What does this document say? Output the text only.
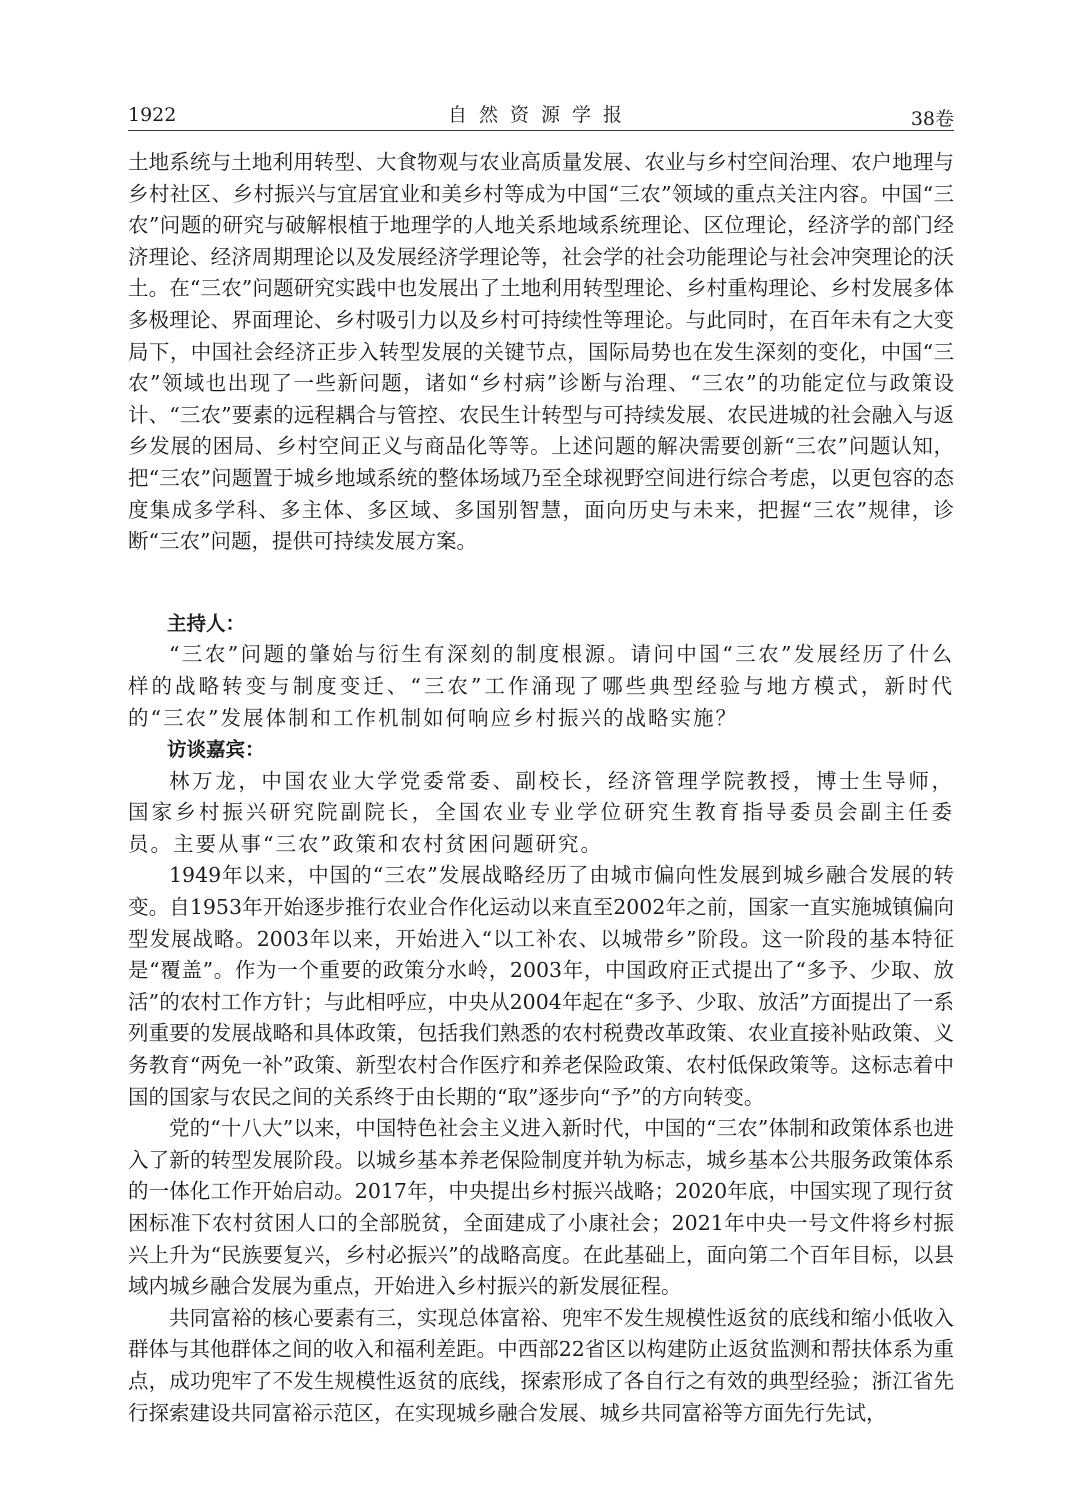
1922	自然资源学报	38卷

土地系统与土地利用转型、大食物观与农业高质量发展、农业与乡村空间治理、农户地理与乡村社区、乡村振兴与宜居宜业和美乡村等成为中国“三农”领域的重点关注内容。中国“三农”问题的研究与破解根植于地理学的人地关系地域系统理论、区位理论，经济学的部门经济理论、经济周期理论以及发展经济学理论等，社会学的社会功能理论与社会冲突理论的沃土。在“三农”问题研究实践中也发展出了土地利用转型理论、乡村重构理论、乡村发展多体多极理论、界面理论、乡村吸引力以及乡村可持续性等理论。与此同时，在百年未有之大变局下，中国社会经济正步入转型发展的关键节点，国际局势也在发生深刻的变化，中国“三农”领域也出现了一些新问题，诸如“乡村病”诊断与治理、“三农”的功能定位与政策设计、“三农”要素的远程耦合与管控、农民生计转型与可持续发展、农民进城的社会融入与返乡发展的困局、乡村空间正义与商品化等等。上述问题的解决需要创新“三农”问题认知，把“三农”问题置于城乡地域系统的整体场域乃至全球视野空间进行综合考虑，以更包容的态度集成多学科、多主体、多区域、多国别智慧，面向历史与未来，把握“三农”规律，诊断“三农”问题，提供可持续发展方案。

主持人：

“三农”问题的肇始与衍生有深刻的制度根源。请问中国“三农”发展经历了什么样的战略转变与制度变迁、“三农”工作涌现了哪些典型经验与地方模式，新时代的“三农”发展体制和工作机制如何响应乡村振兴的战略实施？

访谈嘉宾：

林万龙，中国农业大学党委常委、副校长，经济管理学院教授，博士生导师，国家乡村振兴研究院副院长，全国农业专业学位研究生教育指导委员会副主任委员。主要从事“三农”政策和农村贫困问题研究。

1949年以来，中国的“三农”发展战略经历了由城市偏向性发展到城乡融合发展的转变。自1953年开始逐步推行农业合作化运动以来直至2002年之前，国家一直实施城镇偏向型发展战略。2003年以来，开始进入“以工补农、以城带乡”阶段。这一阶段的基本特征是“覆盖”。作为一个重要的政策分水岭，2003年，中国政府正式提出了“多予、少取、放活”的农村工作方针；与此相呼应，中央从2004年起在“多予、少取、放活”方面提出了一系列重要的发展战略和具体政策，包括我们熟悉的农村税费改革政策、农业直接补贴政策、义务教育“两免一补”政策、新型农村合作医疗和养老保险政策、农村低保政策等。这标志着中国的国家与农民之间的关系终于由长期的“取”逐步向“予”的方向转变。

党的“十八大”以来，中国特色社会主义进入新时代，中国的“三农”体制和政策体系也进入了新的转型发展阶段。以城乡基本养老保险制度并轨为标志，城乡基本公共服务政策体系的一体化工作开始启动。2017年，中央提出乡村振兴战略；2020年底，中国实现了现行贫困标准下农村贫困人口的全部脱贫，全面建成了小康社会；2021年中央一号文件将乡村振兴上升为“民族要复兴，乡村必振兴”的战略高度。在此基础上，面向第二个百年目标，以县域内城乡融合发展为重点，开始进入乡村振兴的新发展征程。

共同富裕的核心要素有三，实现总体富裕、兜牢不发生规模性返贫的底线和缩小低收入群体与其他群体之间的收入和福利差距。中西部22省区以构建防止返贫监测和帮扶体系为重点，成功兜牢了不发生规模性返贫的底线，探索形成了各自行之有效的典型经验；浙江省先行探索建设共同富裕示范区，在实现城乡融合发展、城乡共同富裕等方面先行先试，
